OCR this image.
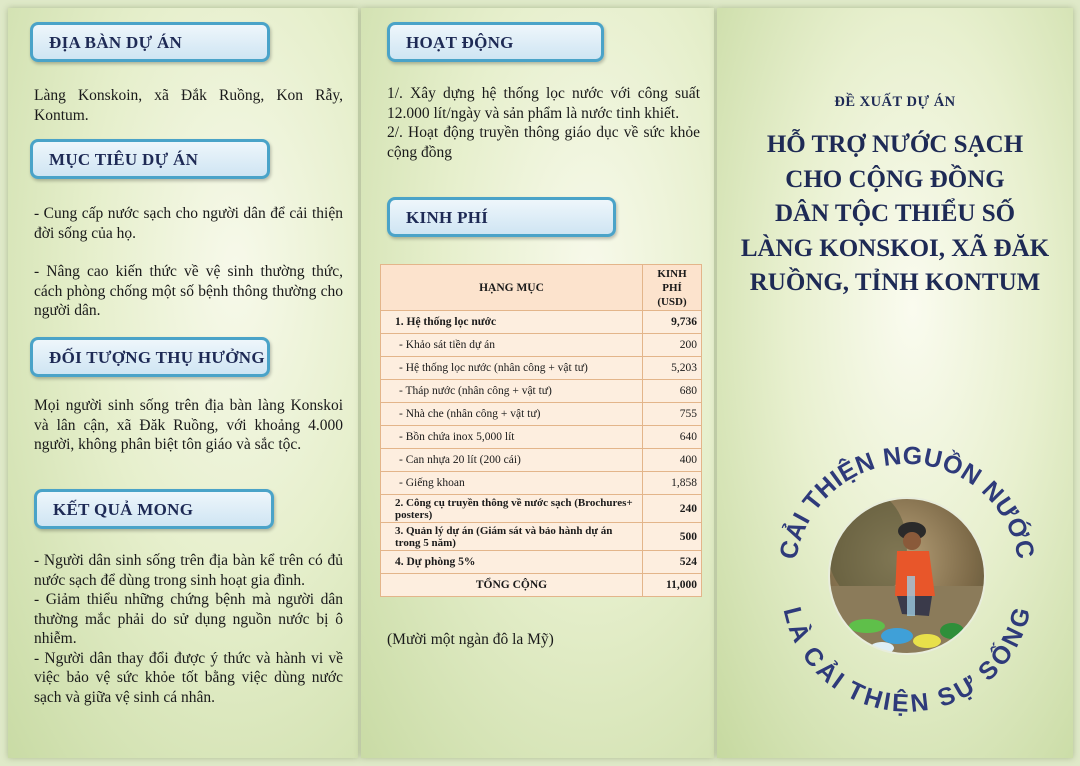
ĐỊA BÀN DỰ ÁN

Làng Konskoin, xã Đắk Ruồng, Kon Rẫy, Kontum.

MỤC TIÊU DỰ ÁN

- Cung cấp nước sạch cho người dân để cải thiện đời sống của họ.

- Nâng cao kiến thức về vệ sinh thường thức, cách phòng chống một số bệnh thông thường cho người dân.

ĐỐI TƯỢNG THỤ HƯỞNG

Mọi người sinh sống trên địa bàn làng Konskoi và lân cận, xã Đăk Ruồng, với khoảng 4.000 người, không phân biệt tôn giáo và sắc tộc.

KẾT QUẢ MONG

- Người dân sinh sống trên địa bàn kể trên có đủ nước sạch để dùng trong sinh hoạt gia đình.

- Giảm thiểu những chứng bệnh mà người dân thường mắc phải do sử dụng nguồn nước bị ô nhiễm.

- Người dân thay đổi được ý thức và hành vi về việc bảo vệ sức khỏe tốt bằng việc dùng nước sạch và giữa vệ sinh cá nhân.

HOẠT ĐỘNG

1/. Xây dựng hệ thống lọc nước với công suất 12.000 lít/ngày và sản phẩm là nước tinh khiết.

2/. Hoạt động truyền thông giáo dục về sức khỏe cộng đồng

KINH PHÍ
HẠNG MỤC	KINH PHÍ (USD)
1. Hệ thống lọc nước	9,736
- Khảo sát tiền dự án	200
- Hệ thống lọc nước (nhân công + vật tư)	5,203
- Tháp nước (nhân công + vật tư)	680
- Nhà che (nhân công + vật tư)	755
- Bồn chứa inox 5,000 lít	640
- Can nhựa 20 lít (200 cái)	400
- Giếng khoan	1,858
2. Công cụ truyền thông về nước sạch (Brochures+ posters)	240
3. Quản lý dự án (Giám sát và bảo hành dự án trong 5 năm)	500
4. Dự phòng 5%	524
TỔNG CỘNG	11,000

(Mười một ngàn đô la Mỹ)

ĐỀ XUẤT DỰ ÁN
HỖ TRỢ NƯỚC SẠCH
CHO CỘNG ĐỒNG
DÂN TỘC THIỂU SỐ
LÀNG KONSKOI, XÃ ĐĂK
RUỒNG, TỈNH KONTUM
CẢI THIỆN NGUỒN NƯỚC
LÀ CẢI THIỆN SỰ SỐNG
